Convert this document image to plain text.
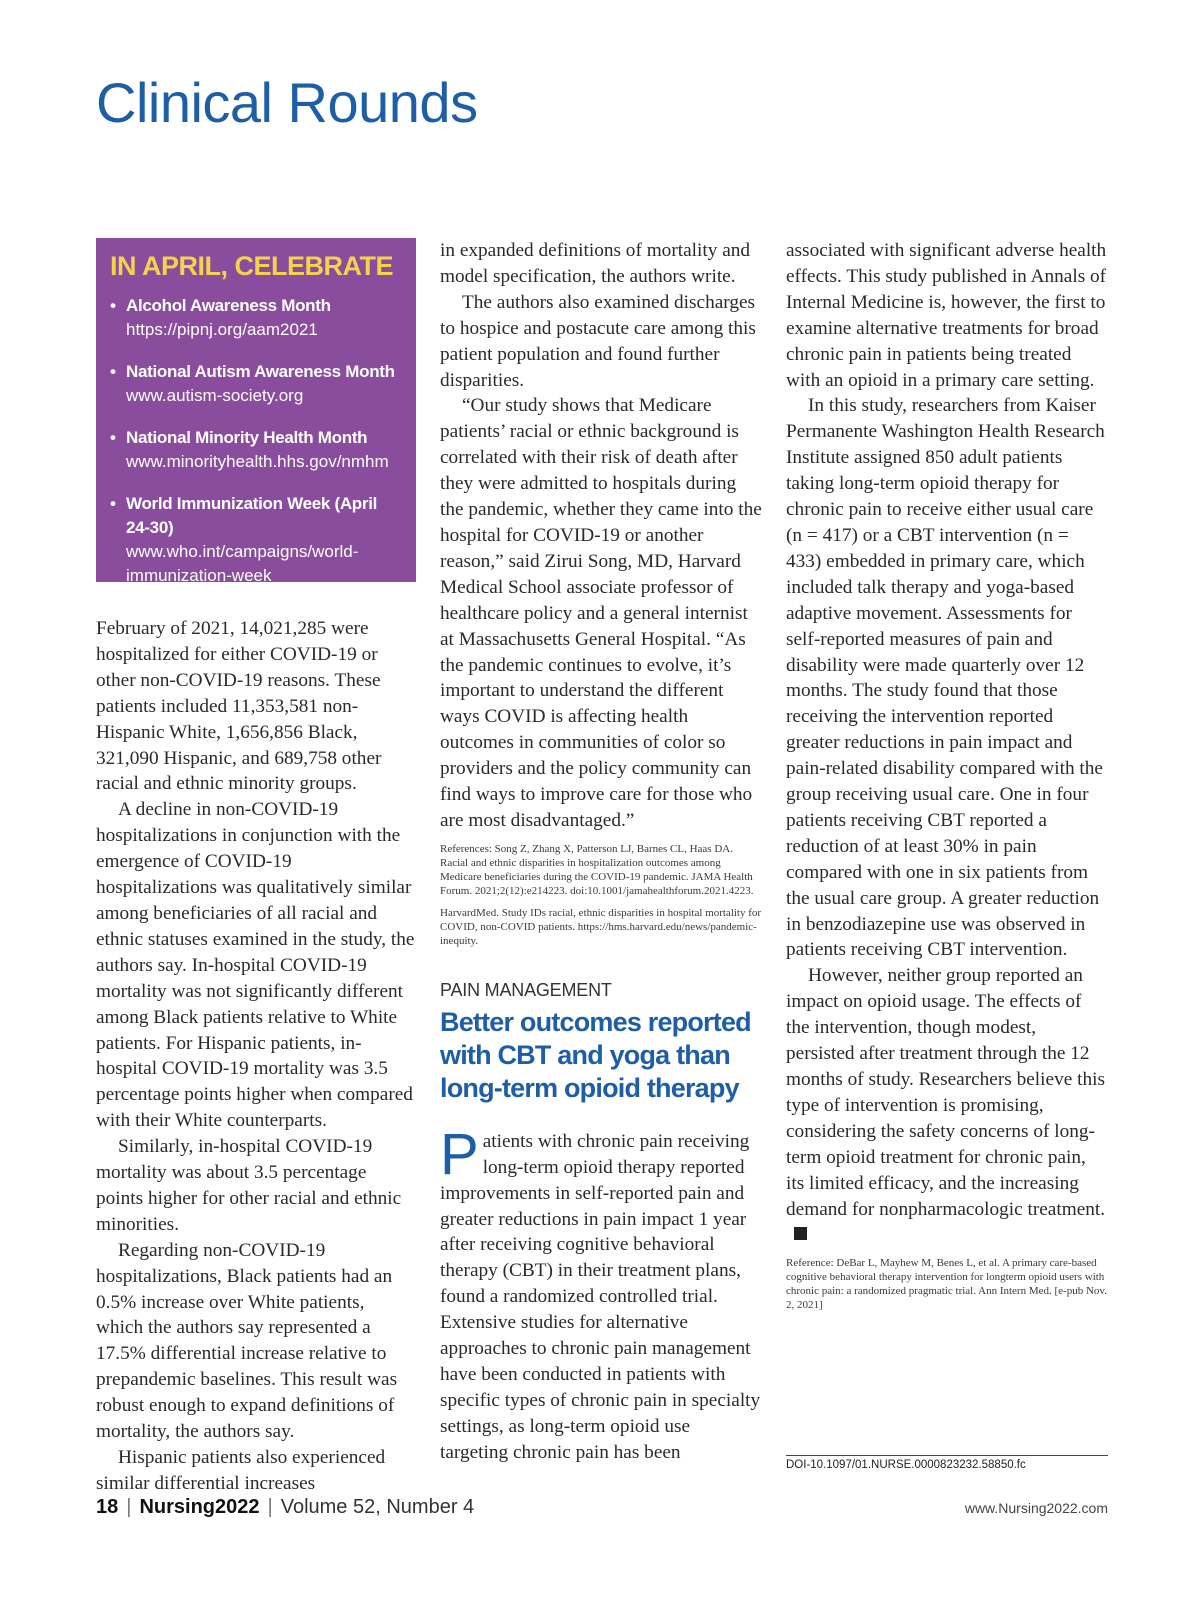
Clinical Rounds
IN APRIL, CELEBRATE
• Alcohol Awareness Month
https://pipnj.org/aam2021
• National Autism Awareness Month
www.autism-society.org
• National Minority Health Month
www.minorityhealth.hhs.gov/nmhm
• World Immunization Week (April 24-30)
www.who.int/campaigns/world-immunization-week

February of 2021, 14,021,285 were hospitalized for either COVID-19 or other non-COVID-19 reasons. These patients included 11,353,581 non-Hispanic White, 1,656,856 Black, 321,090 Hispanic, and 689,758 other racial and ethnic minority groups.

A decline in non-COVID-19 hospitalizations in conjunction with the emergence of COVID-19 hospitalizations was qualitatively similar among beneficiaries of all racial and ethnic statuses examined in the study, the authors say. In-hospital COVID-19 mortality was not significantly different among Black patients relative to White patients. For Hispanic patients, in-hospital COVID-19 mortality was 3.5 percentage points higher when compared with their White counterparts.

Similarly, in-hospital COVID-19 mortality was about 3.5 percentage points higher for other racial and ethnic minorities.

Regarding non-COVID-19 hospitalizations, Black patients had an 0.5% increase over White patients, which the authors say represented a 17.5% differential increase relative to prepandemic baselines. This result was robust enough to expand definitions of mortality, the authors say.

Hispanic patients also experienced similar differential increases

in expanded definitions of mortality and model specification, the authors write.

The authors also examined discharges to hospice and postacute care among this patient population and found further disparities.

“Our study shows that Medicare patients’ racial or ethnic background is correlated with their risk of death after they were admitted to hospitals during the pandemic, whether they came into the hospital for COVID-19 or another reason,” said Zirui Song, MD, Harvard Medical School associate professor of healthcare policy and a general internist at Massachusetts General Hospital. “As the pandemic continues to evolve, it’s important to understand the different ways COVID is affecting health outcomes in communities of color so providers and the policy community can find ways to improve care for those who are most disadvantaged.”

References: Song Z, Zhang X, Patterson LJ, Barnes CL, Haas DA. Racial and ethnic disparities in hospitalization outcomes among Medicare beneficiaries during the COVID-19 pandemic. JAMA Health Forum. 2021;2(12):e214223. doi:10.1001/jamahealthforum.2021.4223.

HarvardMed. Study IDs racial, ethnic disparities in hospital mortality for COVID, non-COVID patients. https://hms.harvard.edu/news/pandemic-inequity.

PAIN MANAGEMENT
Better outcomes reported with CBT and yoga than long-term opioid therapy

Patients with chronic pain receiving long-term opioid therapy reported improvements in self-reported pain and greater reductions in pain impact 1 year after receiving cognitive behavioral therapy (CBT) in their treatment plans, found a randomized controlled trial. Extensive studies for alternative approaches to chronic pain management have been conducted in patients with specific types of chronic pain in specialty settings, as long-term opioid use targeting chronic pain has been

associated with significant adverse health effects. This study published in Annals of Internal Medicine is, however, the first to examine alternative treatments for broad chronic pain in patients being treated with an opioid in a primary care setting.

In this study, researchers from Kaiser Permanente Washington Health Research Institute assigned 850 adult patients taking long-term opioid therapy for chronic pain to receive either usual care (n = 417) or a CBT intervention (n = 433) embedded in primary care, which included talk therapy and yoga-based adaptive movement. Assessments for self-reported measures of pain and disability were made quarterly over 12 months. The study found that those receiving the intervention reported greater reductions in pain impact and pain-related disability compared with the group receiving usual care. One in four patients receiving CBT reported a reduction of at least 30% in pain compared with one in six patients from the usual care group. A greater reduction in benzodiazepine use was observed in patients receiving CBT intervention.

However, neither group reported an impact on opioid usage. The effects of the intervention, though modest, persisted after treatment through the 12 months of study. Researchers believe this type of intervention is promising, considering the safety concerns of long-term opioid treatment for chronic pain, its limited efficacy, and the increasing demand for nonpharmacologic treatment.

Reference: DeBar L, Mayhew M, Benes L, et al. A primary care-based cognitive behavioral therapy intervention for longterm opioid users with chronic pain: a randomized pragmatic trial. Ann Intern Med. [e-pub Nov. 2, 2021]

DOI-10.1097/01.NURSE.0000823232.58850.fc
18 | Nursing2022 | Volume 52, Number 4	www.Nursing2022.com
